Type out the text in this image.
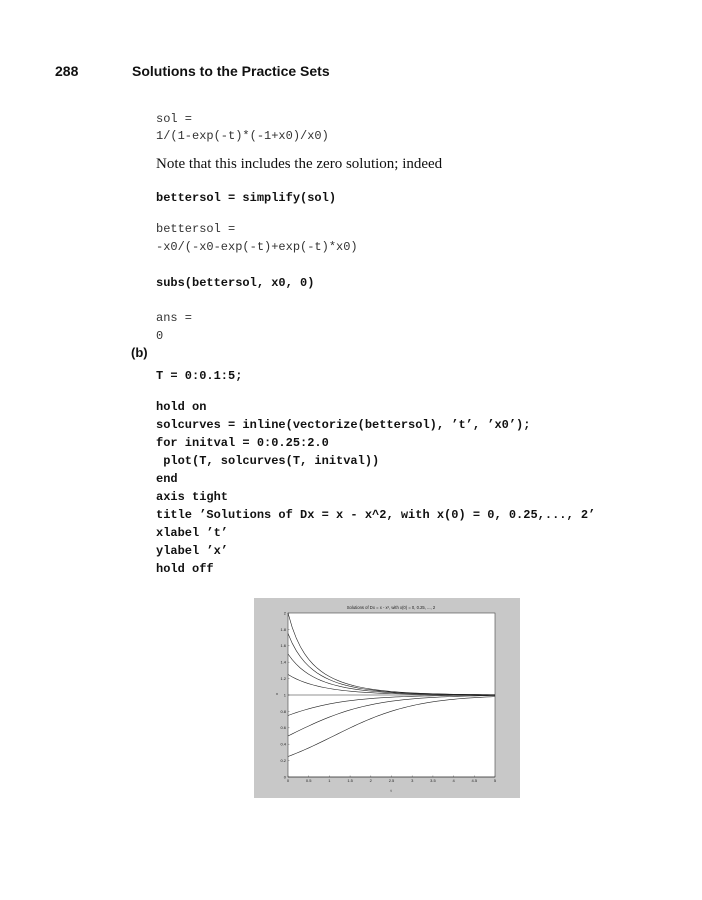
288	Solutions to the Practice Sets
sol =
1/(1-exp(-t)*(-1+x0)/x0)
Note that this includes the zero solution; indeed
bettersol = simplify(sol)
bettersol =
-x0/(-x0-exp(-t)+exp(-t)*x0)
subs(bettersol, x0, 0)
ans =
0
(b)
T = 0:0.1:5;
hold on
solcurves = inline(vectorize(bettersol), ’t’, ’x0’);
for initval = 0:0.25:2.0
plot(T, solcurves(T, initval))
end
axis tight
title ’Solutions of Dx = x - x^2, with x(0) = 0, 0.25,..., 2’
xlabel ’t’
ylabel ’x’
hold off
Solutions of Dx = x - x², with x(0) = 0, 0.25, ..., 2
t
x
0	0.5	1	1.5	2	2.5	3	3.5	4	4.5	5
0
0.2
0.4
0.6
0.8
1
1.2
1.4
1.6
1.8
2
